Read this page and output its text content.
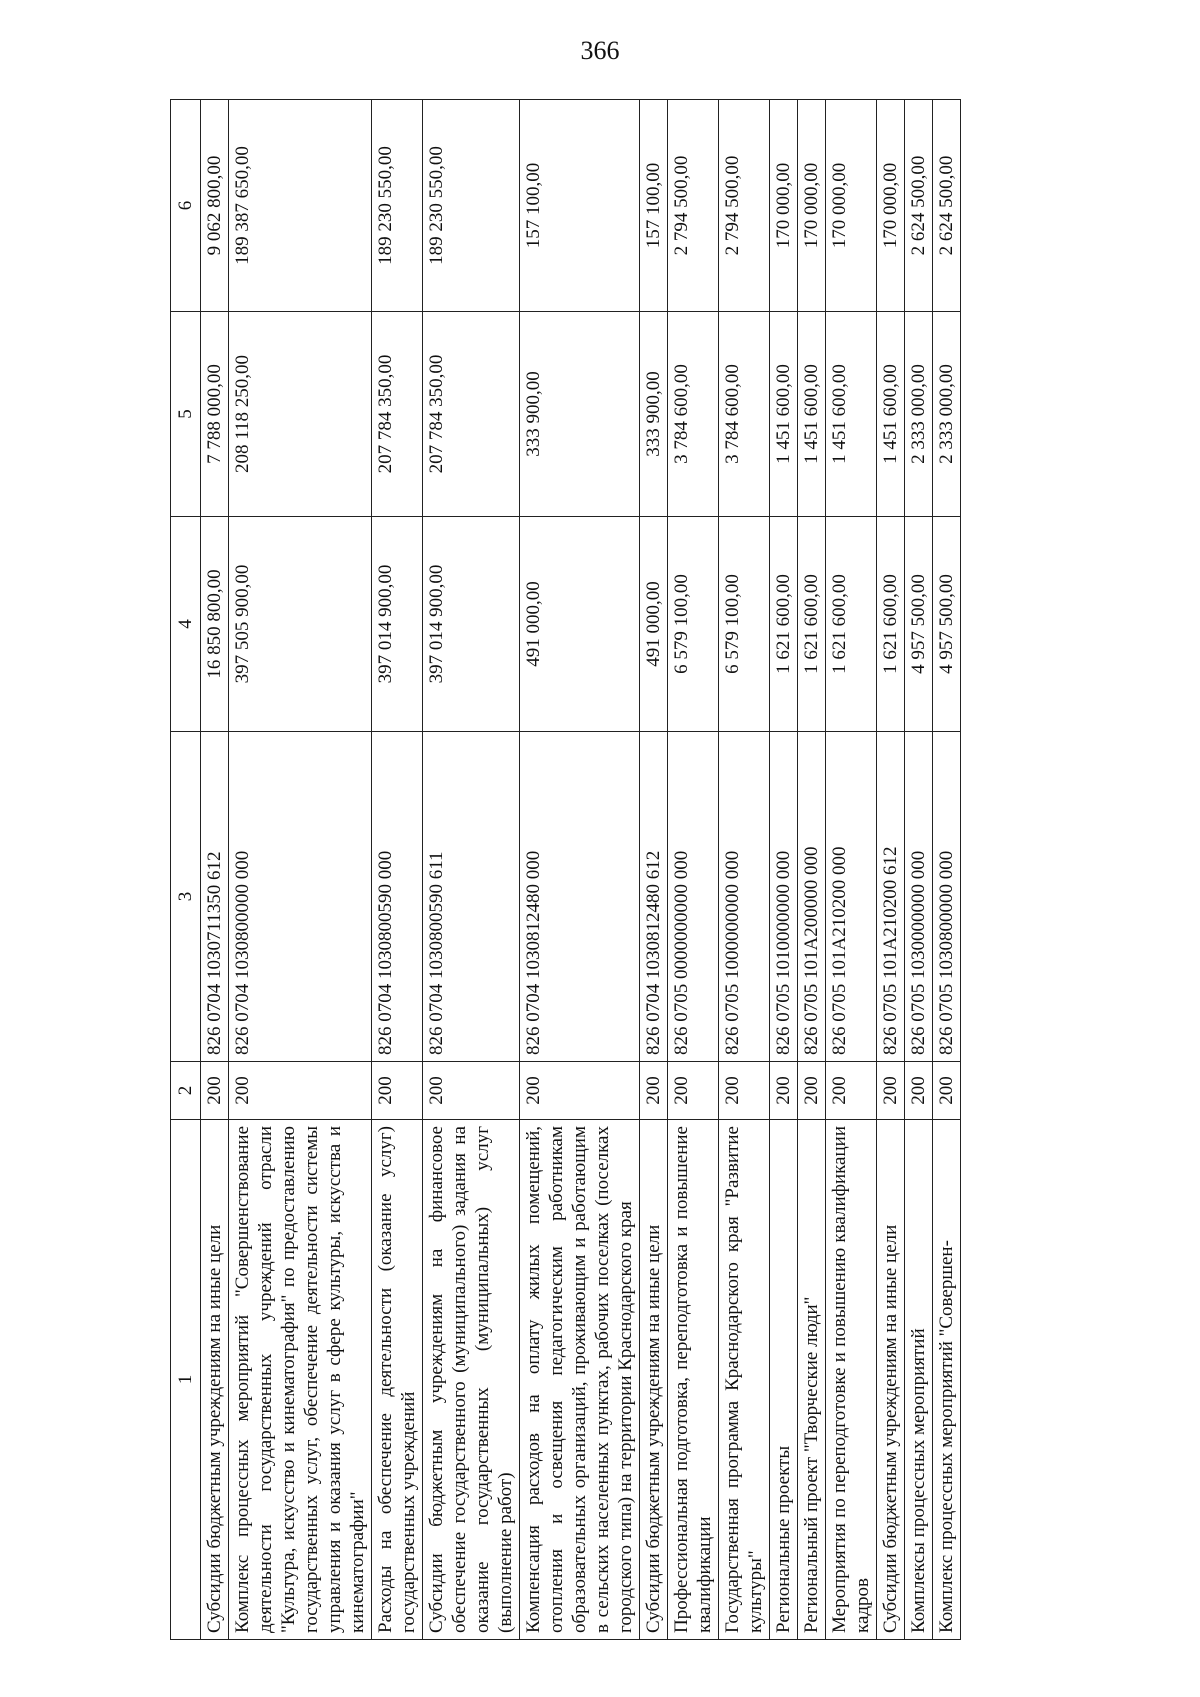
366
1	2	3	4	5	6
Субсидии бюджетным учреждениям на иные цели	200	826 0704 1030711350 612	16 850 800,00	7 788 000,00	9 062 800,00
Комплекс процессных мероприятий "Совершенствование деятельности государственных учреждений отрасли "Культура, искусство и кинематография" по предоставлению государственных услуг, обеспечение деятельности системы управления и оказания услуг в сфере культуры, искусства и кинематографии"	200	826 0704 1030800000 000	397 505 900,00	208 118 250,00	189 387 650,00
Расходы на обеспечение деятельности (оказание услуг) государственных учреждений	200	826 0704 1030800590 000	397 014 900,00	207 784 350,00	189 230 550,00
Субсидии бюджетным учреждениям на финансовое обеспечение государственного (муниципального) задания на оказание государственных (муниципальных) услуг (выполнение работ)	200	826 0704 1030800590 611	397 014 900,00	207 784 350,00	189 230 550,00
Компенсация расходов на оплату жилых помещений, отопления и освещения педагогическим работникам образовательных организаций, проживающим и работающим в сельских населенных пунктах, рабочих поселках (поселках городского типа) на территории Краснодарского края	200	826 0704 1030812480 000	491 000,00	333 900,00	157 100,00
Субсидии бюджетным учреждениям на иные цели	200	826 0704 1030812480 612	491 000,00	333 900,00	157 100,00
Профессиональная подготовка, переподготовка и повышение квалификации	200	826 0705 0000000000 000	6 579 100,00	3 784 600,00	2 794 500,00
Государственная программа Краснодарского края "Развитие культуры"	200	826 0705 1000000000 000	6 579 100,00	3 784 600,00	2 794 500,00
Региональные проекты	200	826 0705 1010000000 000	1 621 600,00	1 451 600,00	170 000,00
Региональный проект "Творческие люди"	200	826 0705 101A200000 000	1 621 600,00	1 451 600,00	170 000,00
Мероприятия по переподготовке и повышению квалификации кадров	200	826 0705 101A210200 000	1 621 600,00	1 451 600,00	170 000,00
Субсидии бюджетным учреждениям на иные цели	200	826 0705 101A210200 612	1 621 600,00	1 451 600,00	170 000,00
Комплексы процессных мероприятий	200	826 0705 1030000000 000	4 957 500,00	2 333 000,00	2 624 500,00
Комплекс процессных мероприятий "Совершен-	200	826 0705 1030800000 000	4 957 500,00	2 333 000,00	2 624 500,00
